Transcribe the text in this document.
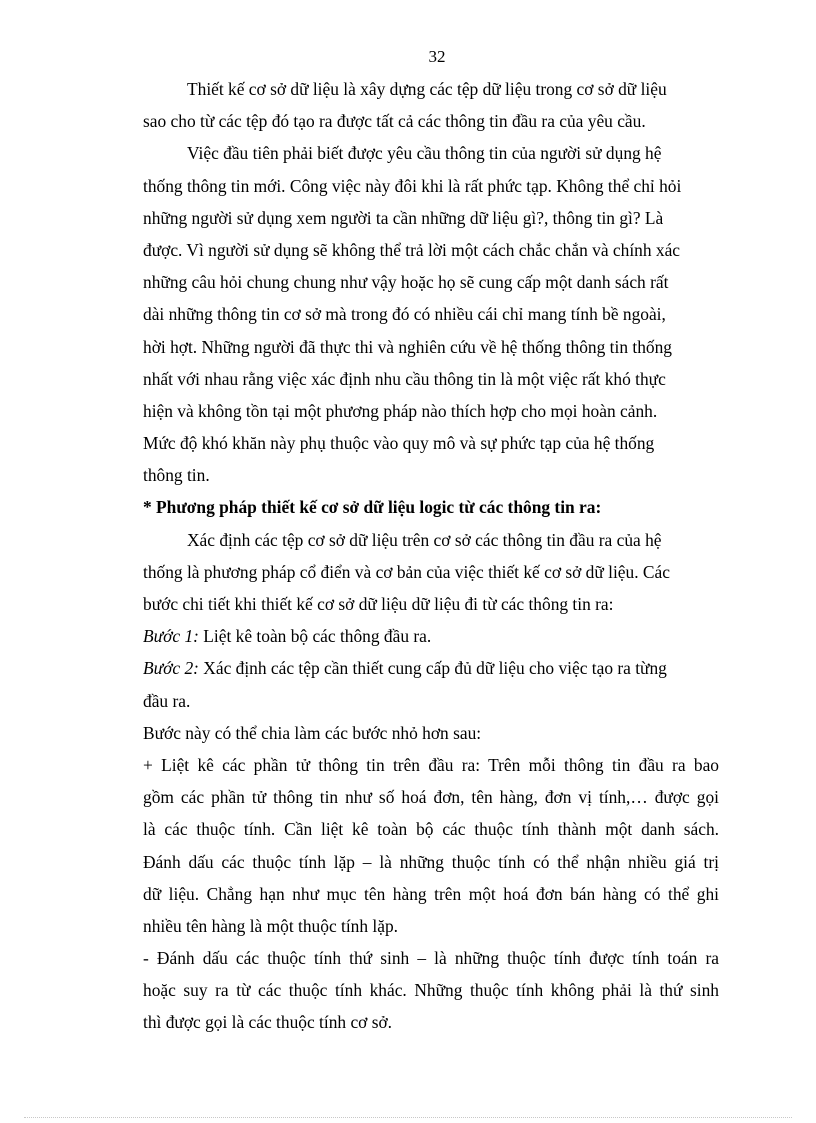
32
Thiết kế cơ sở dữ liệu là xây dựng các tệp dữ liệu trong cơ sở dữ liệu
sao cho từ các tệp đó tạo ra được tất cả các thông tin đầu ra của yêu cầu.
Việc đầu tiên phải biết được yêu cầu thông tin của người sử dụng hệ
thống thông tin mới. Công việc này đôi khi là rất phức tạp. Không thể chỉ hỏi
những người sử dụng xem người ta cần những dữ liệu gì?, thông tin gì? Là
được. Vì người sử dụng sẽ không thể trả lời một cách chắc chắn và chính xác
những câu hỏi chung chung như vậy hoặc họ sẽ cung cấp một danh sách rất
dài những thông tin cơ sở mà trong đó có nhiều cái chỉ mang tính bề ngoài,
hời hợt. Những người đã thực thi và nghiên cứu về hệ thống thông tin thống
nhất với nhau rằng việc xác định nhu cầu thông tin là một việc rất khó thực
hiện và không tồn tại một phương pháp nào thích hợp cho mọi hoàn cảnh.
Mức độ khó khăn này phụ thuộc vào quy mô và sự phức tạp của hệ thống
thông tin.
* Phương pháp thiết kế cơ sở dữ liệu logic từ các thông tin ra:
Xác định các tệp cơ sở dữ liệu trên cơ sở các thông tin đầu ra của hệ
thống là phương pháp cổ điển và cơ bản của việc thiết kế cơ sở dữ liệu. Các
bước chi tiết khi thiết kế cơ sở dữ liệu dữ liệu đi từ các thông tin ra:
Bước 1: Liệt kê toàn bộ các thông đầu ra.
Bước 2: Xác định các tệp cần thiết cung cấp đủ dữ liệu cho việc tạo ra từng
đầu ra.
Bước này có thể chia làm các bước nhỏ hơn sau:
+ Liệt kê các phần tử thông tin trên đầu ra: Trên mỗi thông tin đầu ra bao
gồm các phần tử thông tin như số hoá đơn, tên hàng, đơn vị tính,… được gọi
là các thuộc tính. Cần liệt kê toàn bộ các thuộc tính thành một danh sách.
Đánh dấu các thuộc tính lặp – là những thuộc tính có thể nhận nhiều giá trị
dữ liệu. Chẳng hạn như mục tên hàng trên một hoá đơn bán hàng có thể ghi
nhiều tên hàng là một thuộc tính lặp.
- Đánh dấu các thuộc tính thứ sinh – là những thuộc tính được tính toán ra
hoặc suy ra từ các thuộc tính khác. Những thuộc tính không phải là thứ sinh
thì được gọi là các thuộc tính cơ sở.
